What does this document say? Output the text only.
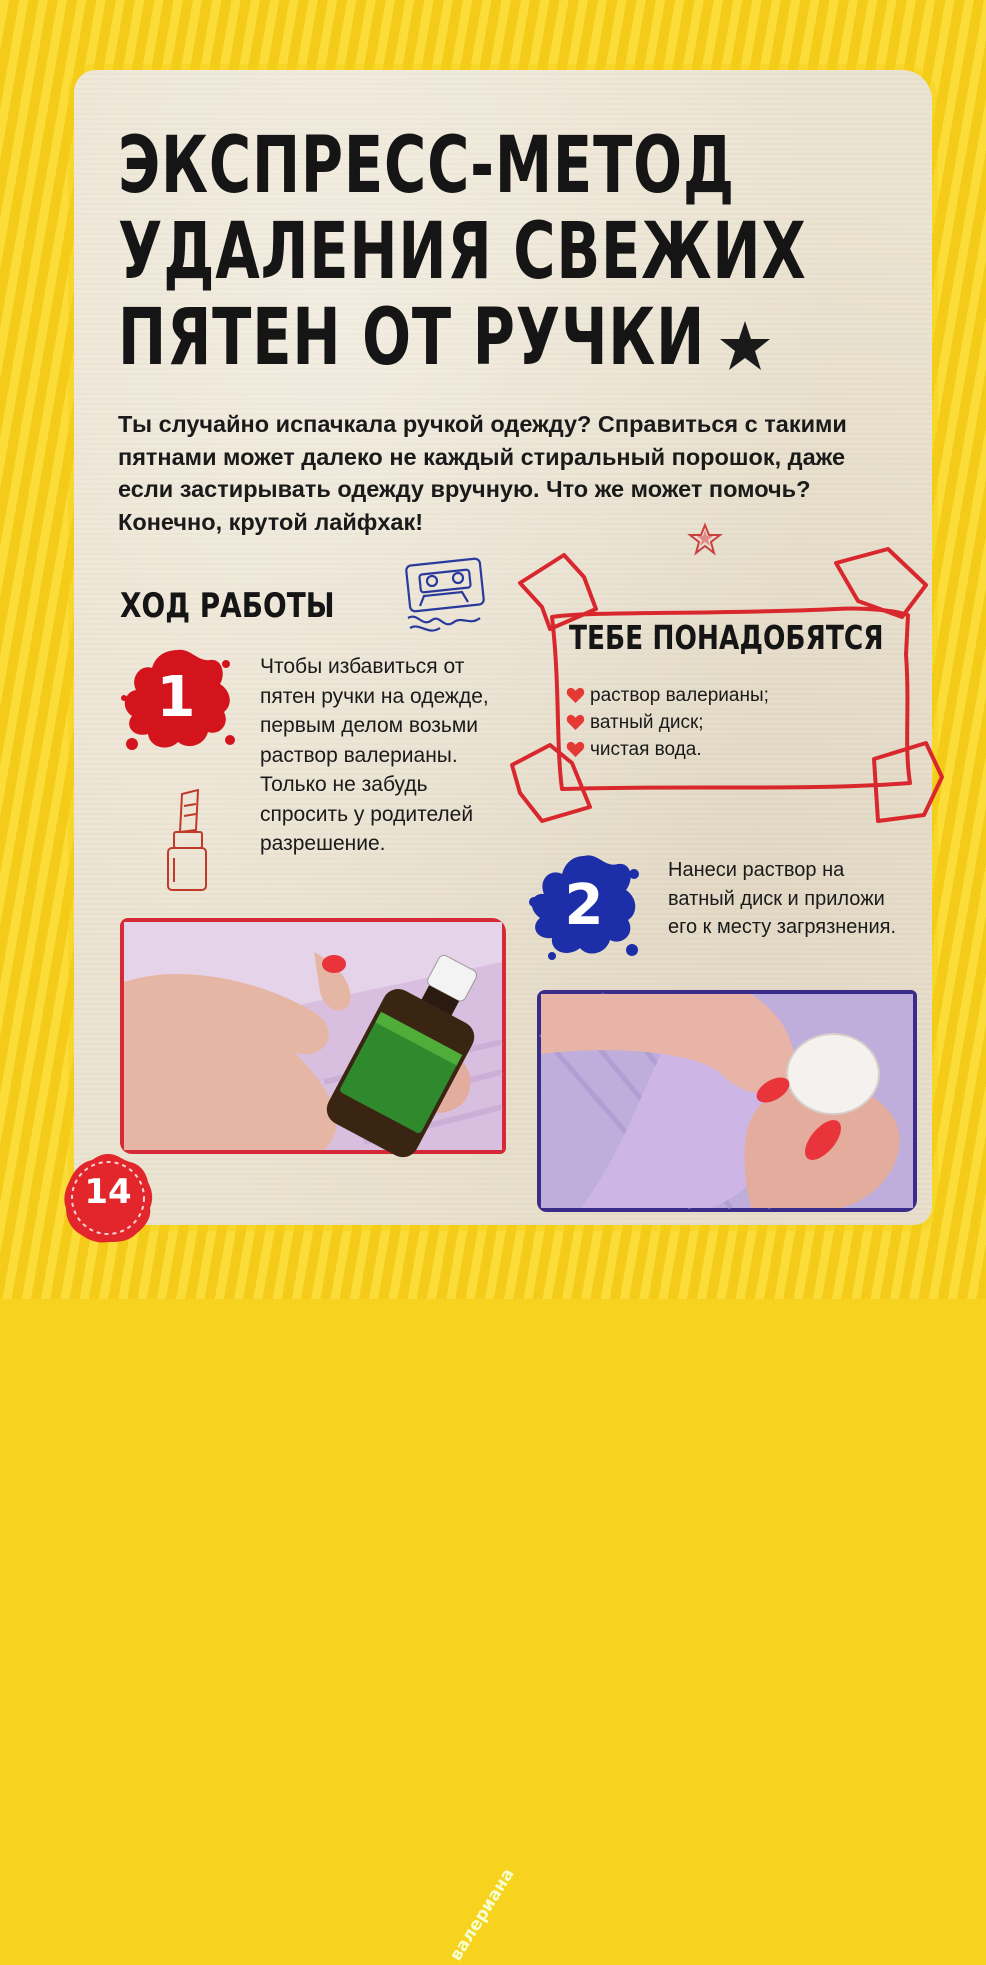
ЭКСПРЕСС-МЕТОД
УДАЛЕНИЯ СВЕЖИХ
ПЯТЕН ОТ РУЧКИ
Ты случайно испачкала ручкой одежду? Справиться с такими пятнами может далеко не каждый стиральный порошок, даже если застирывать одежду вручную. Что же может помочь? Конечно, крутой лайфхак!
ХОД РАБОТЫ
1	Чтобы избавиться от пятен ручки на одежде, первым делом возьми раствор валерианы. Только не забудь спросить у родителей разрешение.
ТЕБЕ ПОНАДОБЯТСЯ
раствор валерианы;
ватный диск;
чистая вода.
2
Нанеси раствор на ватный диск и приложи его к месту загрязнения.
валериана
14
